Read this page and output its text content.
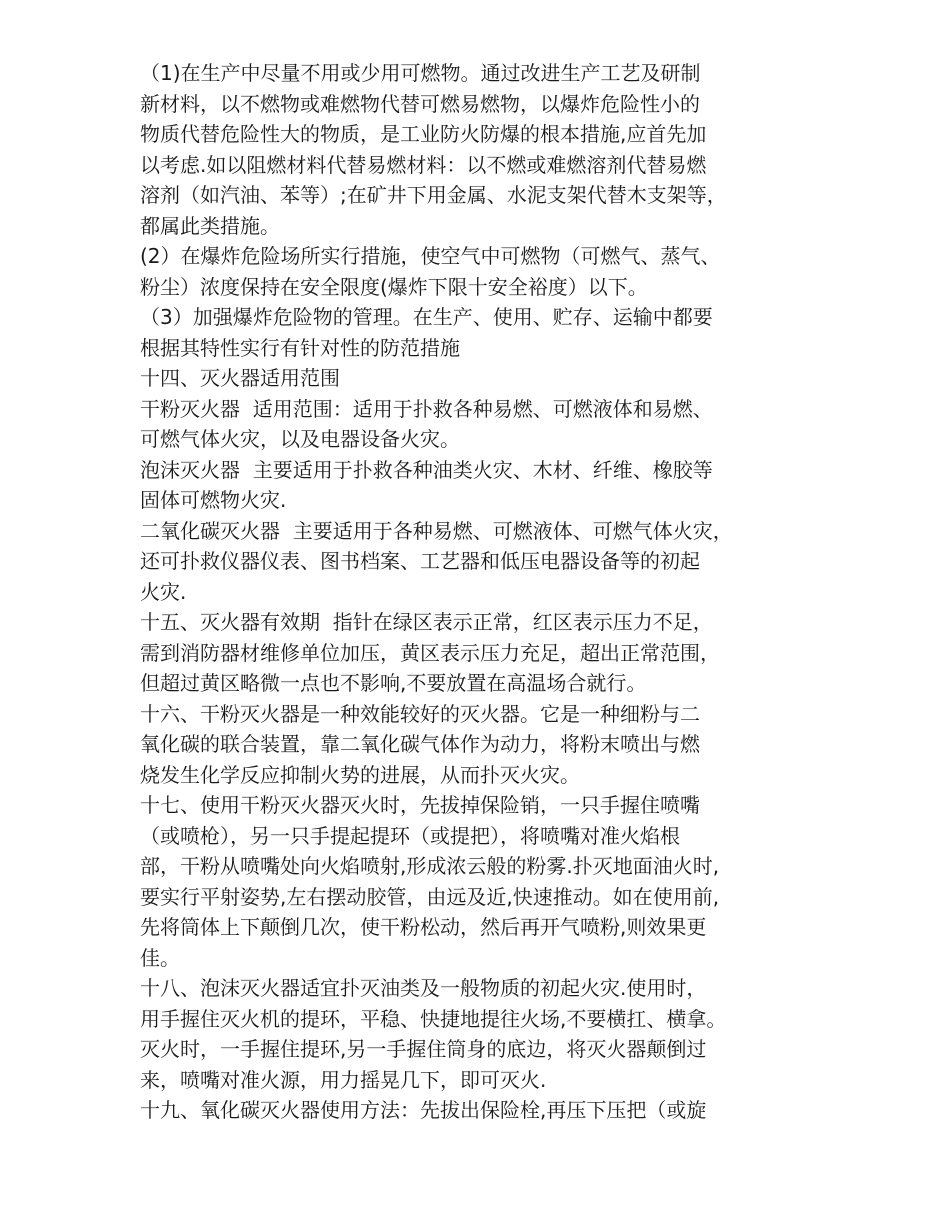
（1)在生产中尽量不用或少用可燃物。通过改进生产工艺及研制
新材料，以不燃物或难燃物代替可燃易燃物，以爆炸危险性小的
物质代替危险性大的物质，是工业防火防爆的根本措施,应首先加
以考虑.如以阻燃材料代替易燃材料：以不燃或难燃溶剂代替易燃
溶剂（如汽油、苯等）;在矿井下用金属、水泥支架代替木支架等，
都属此类措施。
(2）在爆炸危险场所实行措施，使空气中可燃物（可燃气、蒸气、
粉尘）浓度保持在安全限度(爆炸下限十安全裕度）以下。
（3）加强爆炸危险物的管理。在生产、使用、贮存、运输中都要
根据其特性实行有针对性的防范措施
十四、灭火器适用范围
干粉灭火器  适用范围：适用于扑救各种易燃、可燃液体和易燃、
可燃气体火灾，以及电器设备火灾。
泡沫灭火器  主要适用于扑救各种油类火灾、木材、纤维、橡胶等
固体可燃物火灾.
二氧化碳灭火器  主要适用于各种易燃、可燃液体、可燃气体火灾，
还可扑救仪器仪表、图书档案、工艺器和低压电器设备等的初起
火灾.
十五、灭火器有效期  指针在绿区表示正常，红区表示压力不足，
需到消防器材维修单位加压，黄区表示压力充足，超出正常范围，
但超过黄区略微一点也不影响,不要放置在高温场合就行。
十六、干粉灭火器是一种效能较好的灭火器。它是一种细粉与二
氧化碳的联合装置，靠二氧化碳气体作为动力，将粉末喷出与燃
烧发生化学反应抑制火势的进展，从而扑灭火灾。
十七、使用干粉灭火器灭火时，先拔掉保险销，一只手握住喷嘴
（或喷枪），另一只手提起提环（或提把），将喷嘴对准火焰根
部，干粉从喷嘴处向火焰喷射,形成浓云般的粉雾.扑灭地面油火时,
要实行平射姿势,左右摆动胶管，由远及近,快速推动。如在使用前,
先将筒体上下颠倒几次，使干粉松动，然后再开气喷粉,则效果更
佳。
十八、泡沫灭火器适宜扑灭油类及一般物质的初起火灾.使用时，
用手握住灭火机的提环，平稳、快捷地提往火场,不要横扛、横拿。
灭火时，一手握住提环,另一手握住筒身的底边，将灭火器颠倒过
来，喷嘴对准火源，用力摇晃几下，即可灭火.
十九、氧化碳灭火器使用方法：先拔出保险栓,再压下压把（或旋
